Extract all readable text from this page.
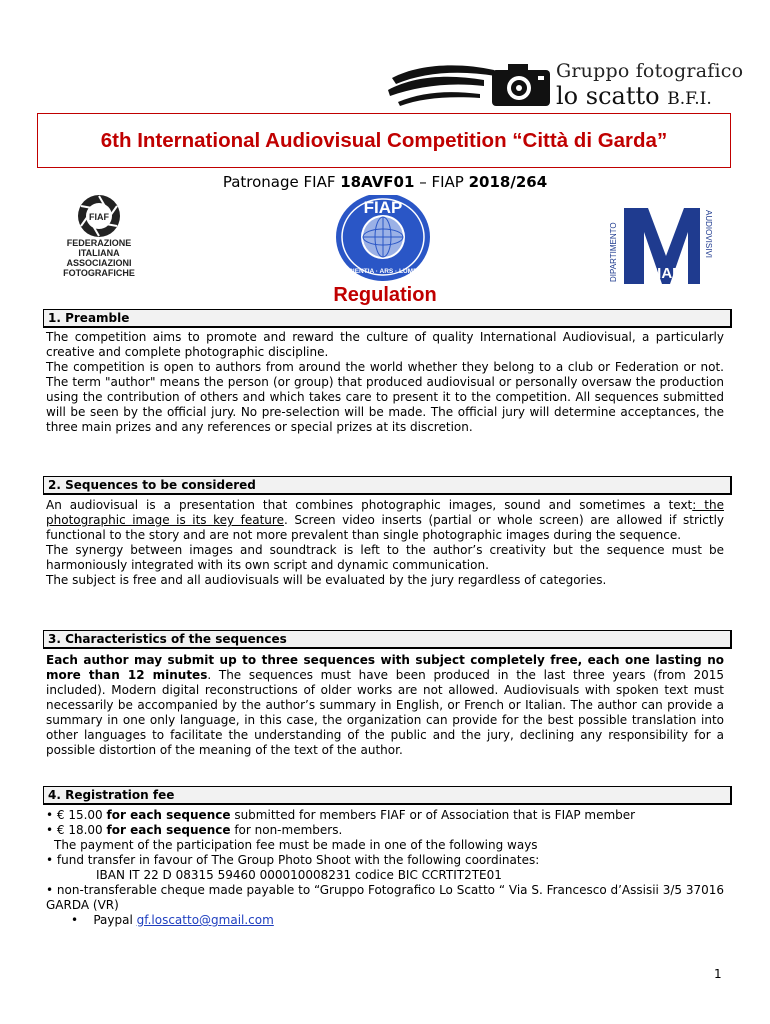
Gruppo fotografico
lo scatto B.F.I.
6th International Audiovisual Competition “Città di Garda”
Patronage FIAF 18AVF01 – FIAP 2018/264
FIAF
FEDERAZIONE
ITALIANA
ASSOCIAZIONI
FOTOGRAFICHE
FIAP
SCIENTIA · ARS · LUMEN	DIPARTIMENTO FIAF
AUDIOVISIVI
Regulation
1. Preamble

The competition aims to promote and reward the culture of quality International Audiovisual, a particularly creative and complete photographic discipline.

The competition is open to authors from around the world whether they belong to a club or Federation or not. The term "author" means the person (or group) that produced audiovisual or personally oversaw the production using the contribution of others and which takes care to present it to the competition. All sequences submitted will be seen by the official jury. No pre-selection will be made. The official jury will determine acceptances, the three main prizes and any references or special prizes at its discretion.

2. Sequences to be considered

An audiovisual is a presentation that combines photographic images, sound and sometimes a text: the photographic image is its key feature. Screen video inserts (partial or whole screen) are allowed if strictly functional to the story and are not more prevalent than single photographic images during the sequence.

The synergy between images and soundtrack is left to the author’s creativity but the sequence must be harmoniously integrated with its own script and dynamic communication.

The subject is free and all audiovisuals will be evaluated by the jury regardless of categories.

3. Characteristics of the sequences

Each author may submit up to three sequences with subject completely free, each one lasting no more than 12 minutes. The sequences must have been produced in the last three years (from 2015 included). Modern digital reconstructions of older works are not allowed. Audiovisuals with spoken text must necessarily be accompanied by the author’s summary in English, or French or Italian. The author can provide a summary in one only language, in this case, the organization can provide for the best possible translation into other languages to facilitate the understanding of the public and the jury, declining any responsibility for a possible distortion of the meaning of the text of the author.

4. Registration fee

• € 15.00 for each sequence submitted for members FIAF or of Association that is FIAP member

• € 18.00 for each sequence for non-members.

The payment of the participation fee must be made in one of the following ways

• fund transfer in favour of The Group Photo Shoot with the following coordinates:

IBAN IT 22 D 08315 59460 000010008231 codice BIC CCRTIT2TE01

• non-transferable cheque made payable to “Gruppo Fotografico Lo Scatto “ Via S. Francesco d’Assisii 3/5 37016 GARDA (VR)

• Paypal gf.loscatto@gmail.com

1
